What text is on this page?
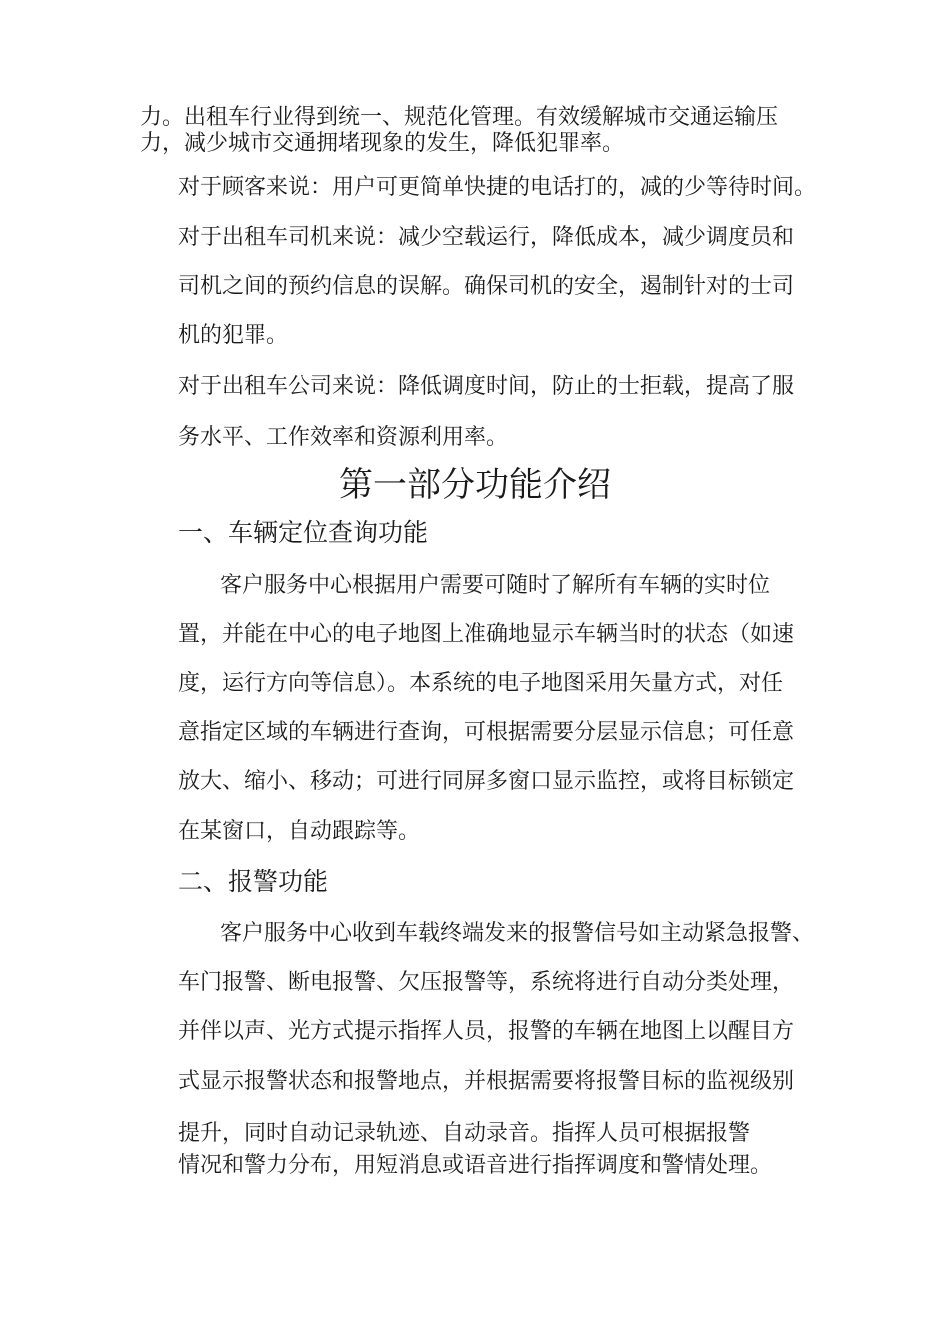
力。出租车行业得到统一、规范化管理。有效缓解城市交通运输压
力，减少城市交通拥堵现象的发生，降低犯罪率。
对于顾客来说：用户可更简单快捷的电话打的，减的少等待时间。
对于出租车司机来说：减少空载运行，降低成本，减少调度员和
司机之间的预约信息的误解。确保司机的安全，遏制针对的士司
机的犯罪。
对于出租车公司来说：降低调度时间，防止的士拒载，提高了服
务水平、工作效率和资源利用率。
第一部分功能介绍
一、车辆定位查询功能
客户服务中心根据用户需要可随时了解所有车辆的实时位
置，并能在中心的电子地图上准确地显示车辆当时的状态（如速
度，运行方向等信息）。本系统的电子地图采用矢量方式，对任
意指定区域的车辆进行查询，可根据需要分层显示信息；可任意
放大、缩小、移动；可进行同屏多窗口显示监控，或将目标锁定
在某窗口，自动跟踪等。
二、报警功能
客户服务中心收到车载终端发来的报警信号如主动紧急报警、
车门报警、断电报警、欠压报警等，系统将进行自动分类处理，
并伴以声、光方式提示指挥人员，报警的车辆在地图上以醒目方
式显示报警状态和报警地点，并根据需要将报警目标的监视级别
提升，同时自动记录轨迹、自动录音。指挥人员可根据报警
情况和警力分布，用短消息或语音进行指挥调度和警情处理。
